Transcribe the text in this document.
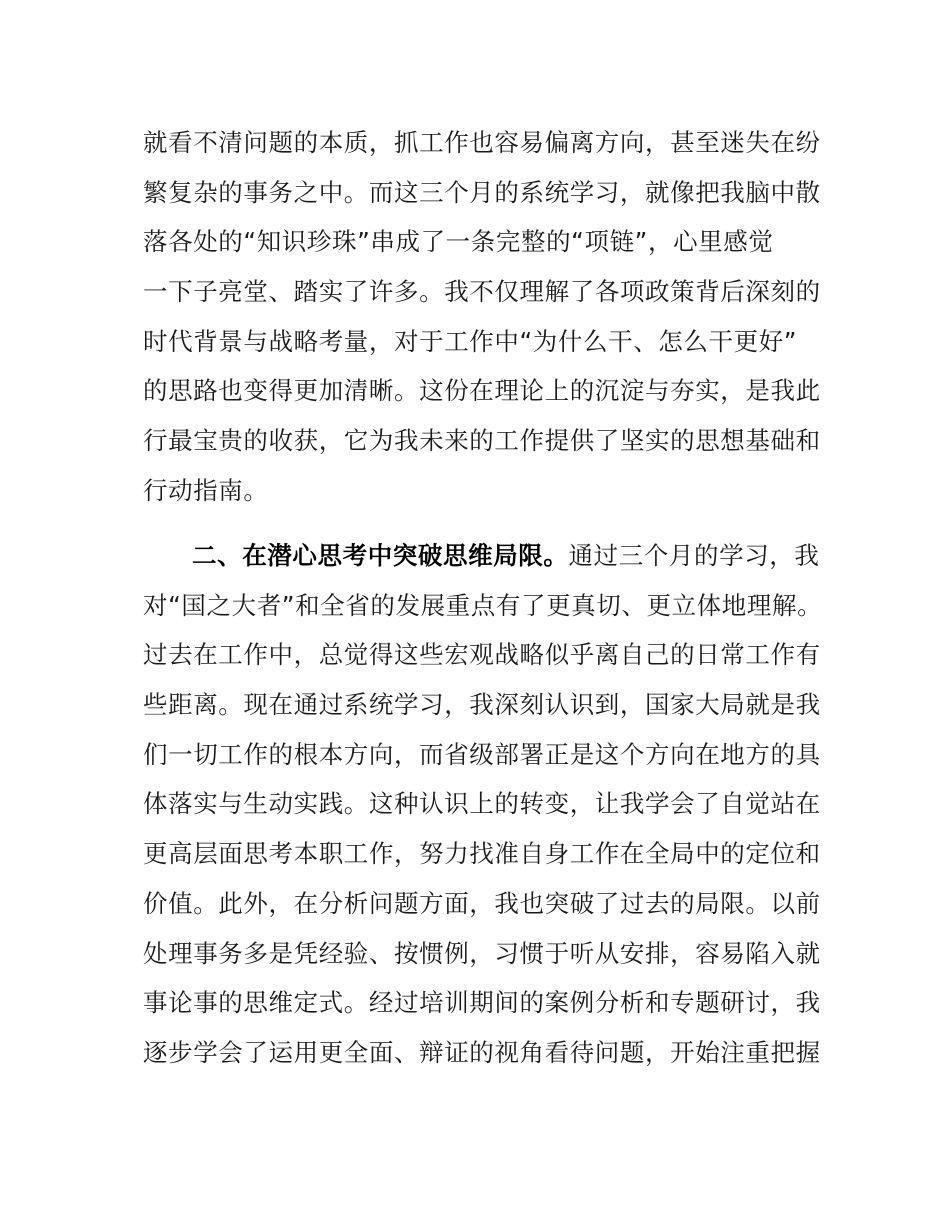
就看不清问题的本质，抓工作也容易偏离方向，甚至迷失在纷

繁复杂的事务之中。而这三个月的系统学习，就像把我脑中散

落各处的“知识珍珠”串成了一条完整的“项链”，心里感觉

一下子亮堂、踏实了许多。我不仅理解了各项政策背后深刻的

时代背景与战略考量，对于工作中“为什么干、怎么干更好”

的思路也变得更加清晰。这份在理论上的沉淀与夯实，是我此

行最宝贵的收获，它为我未来的工作提供了坚实的思想基础和

行动指南。

二、在潜心思考中突破思维局限。通过三个月的学习，我

对“国之大者”和全省的发展重点有了更真切、更立体地理解。

过去在工作中，总觉得这些宏观战略似乎离自己的日常工作有

些距离。现在通过系统学习，我深刻认识到，国家大局就是我

们一切工作的根本方向，而省级部署正是这个方向在地方的具

体落实与生动实践。这种认识上的转变，让我学会了自觉站在

更高层面思考本职工作，努力找准自身工作在全局中的定位和

价值。此外，在分析问题方面，我也突破了过去的局限。以前

处理事务多是凭经验、按惯例，习惯于听从安排，容易陷入就

事论事的思维定式。经过培训期间的案例分析和专题研讨，我

逐步学会了运用更全面、辩证的视角看待问题，开始注重把握
